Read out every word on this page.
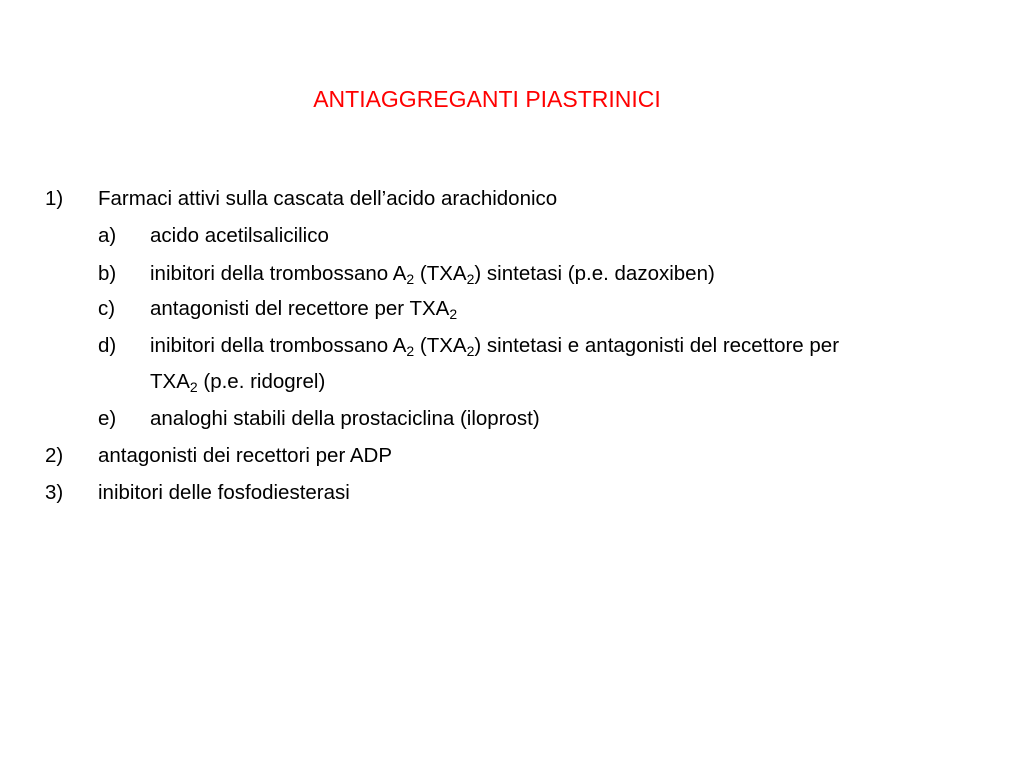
ANTIAGGREGANTI PIASTRINICI
1) Farmaci attivi sulla cascata dell’acido arachidonico
a) acido acetilsalicilico
b) inibitori della trombossano $A_2$ $(TXA_2)$ sintetasi (p.e. dazoxiben)
c) antagonisti del recettore per $TXA_2$
d) inibitori della trombossano $A_2$ $(TXA_2)$ sintetasi e antagonisti del recettore per
$TXA_2$ (p.e. ridogrel)
e) analoghi stabili della prostaciclina (iloprost)
2) antagonisti dei recettori per ADP
3) inibitori delle fosfodiesterasi
